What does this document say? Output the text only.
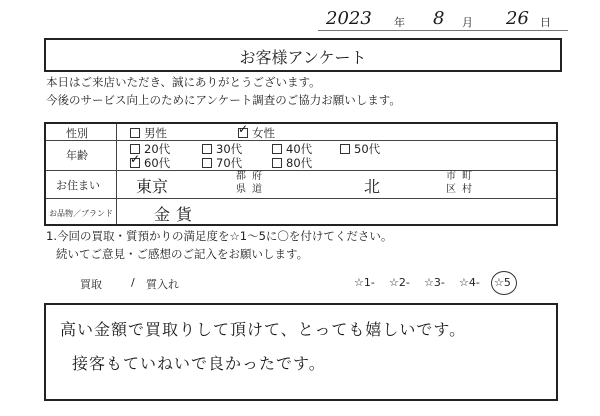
2023 年 8 月 26 日
お客様アンケート
本日はご来店いただき、誠にありがとうございます。
今後のサービス向上のためにアンケート調査のご協力お願いします。
性別	男性
✓	女性
年齢	20代	30代	40代	50代
✓60代	70代	80代
お住まい 東京
都 府
県 道	北
市 町
区 村
お品物／ブランド	金貨
1.今回の買取・質預かりの満足度を☆1～5に〇を付けてください。
続いてご意見・ご感想のご記入をお願いします。
買取	/ 質入れ	☆1- ☆2- ☆3- ☆4- ☆5
高い金額で買取りして頂けて、とっても嬉しいです。
接客もていねいで良かったです。
